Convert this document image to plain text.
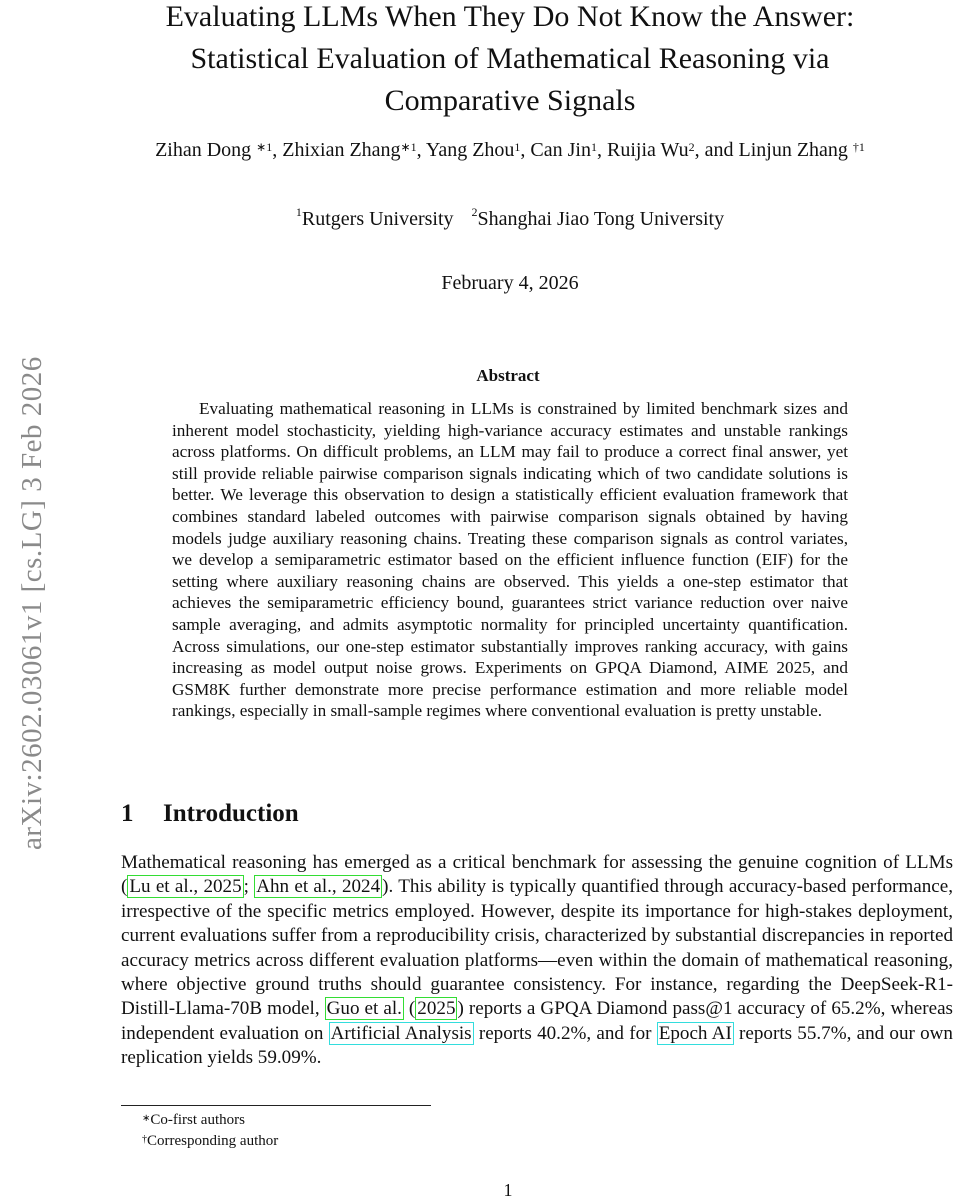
arXiv:2602.03061v1 [cs.LG] 3 Feb 2026
Evaluating LLMs When They Do Not Know the Answer:
Statistical Evaluation of Mathematical Reasoning via
Comparative Signals
Zihan Dong $^{∗1}$, Zhixian Zhang$^{∗1}$, Yang Zhou$^1$, Can Jin$^1$, Ruijia Wu$^2$, and Linjun Zhang $^{\dagger 1}$
$^1$Rutgers University $^2$Shanghai Jiao Tong University
February 4, 2026
Abstract
Evaluating mathematical reasoning in LLMs is constrained by limited benchmark sizes and inherent model stochasticity, yielding high-variance accuracy estimates and unstable rankings across platforms. On difficult problems, an LLM may fail to produce a correct final answer, yet still provide reliable pairwise comparison signals indicating which of two candidate solutions is better. We leverage this observation to design a statistically efficient evaluation framework that combines standard labeled outcomes with pairwise comparison signals obtained by having models judge auxiliary reasoning chains. Treating these comparison signals as control variates, we develop a semiparametric estimator based on the efficient influence function (EIF) for the setting where auxiliary reasoning chains are observed. This yields a one-step estimator that achieves the semiparametric efficiency bound, guarantees strict variance reduction over naive sample averaging, and admits asymptotic normality for principled uncertainty quantification. Across simulations, our one-step estimator substantially improves ranking accuracy, with gains increasing as model output noise grows. Experiments on GPQA Diamond, AIME 2025, and GSM8K further demonstrate more precise performance estimation and more reliable model rankings, especially in small-sample regimes where conventional evaluation is pretty unstable.
1 Introduction
Mathematical reasoning has emerged as a critical benchmark for assessing the genuine cognition of LLMs ( Lu et al., 2025 ; Ahn et al., 2024 ). This ability is typically quantified through accuracy-based performance, irrespective of the specific metrics employed. However, despite its importance for high-stakes deployment, current evaluations suffer from a reproducibility crisis, characterized by substantial discrepancies in reported accuracy metrics across different evaluation platforms—even within the domain of mathematical reasoning, where objective ground truths should guarantee consistency. For instance, regarding the DeepSeek-R1-Distill-Llama-70B model, Guo et al. ( 2025 ) reports a GPQA Diamond pass@1 accuracy of 65.2%, whereas independent evaluation on Artificial Analysis reports 40.2%, and for Epoch AI reports 55.7%, and our own replication yields 59.09%.
∗Co-first authors
†Corresponding author
1
